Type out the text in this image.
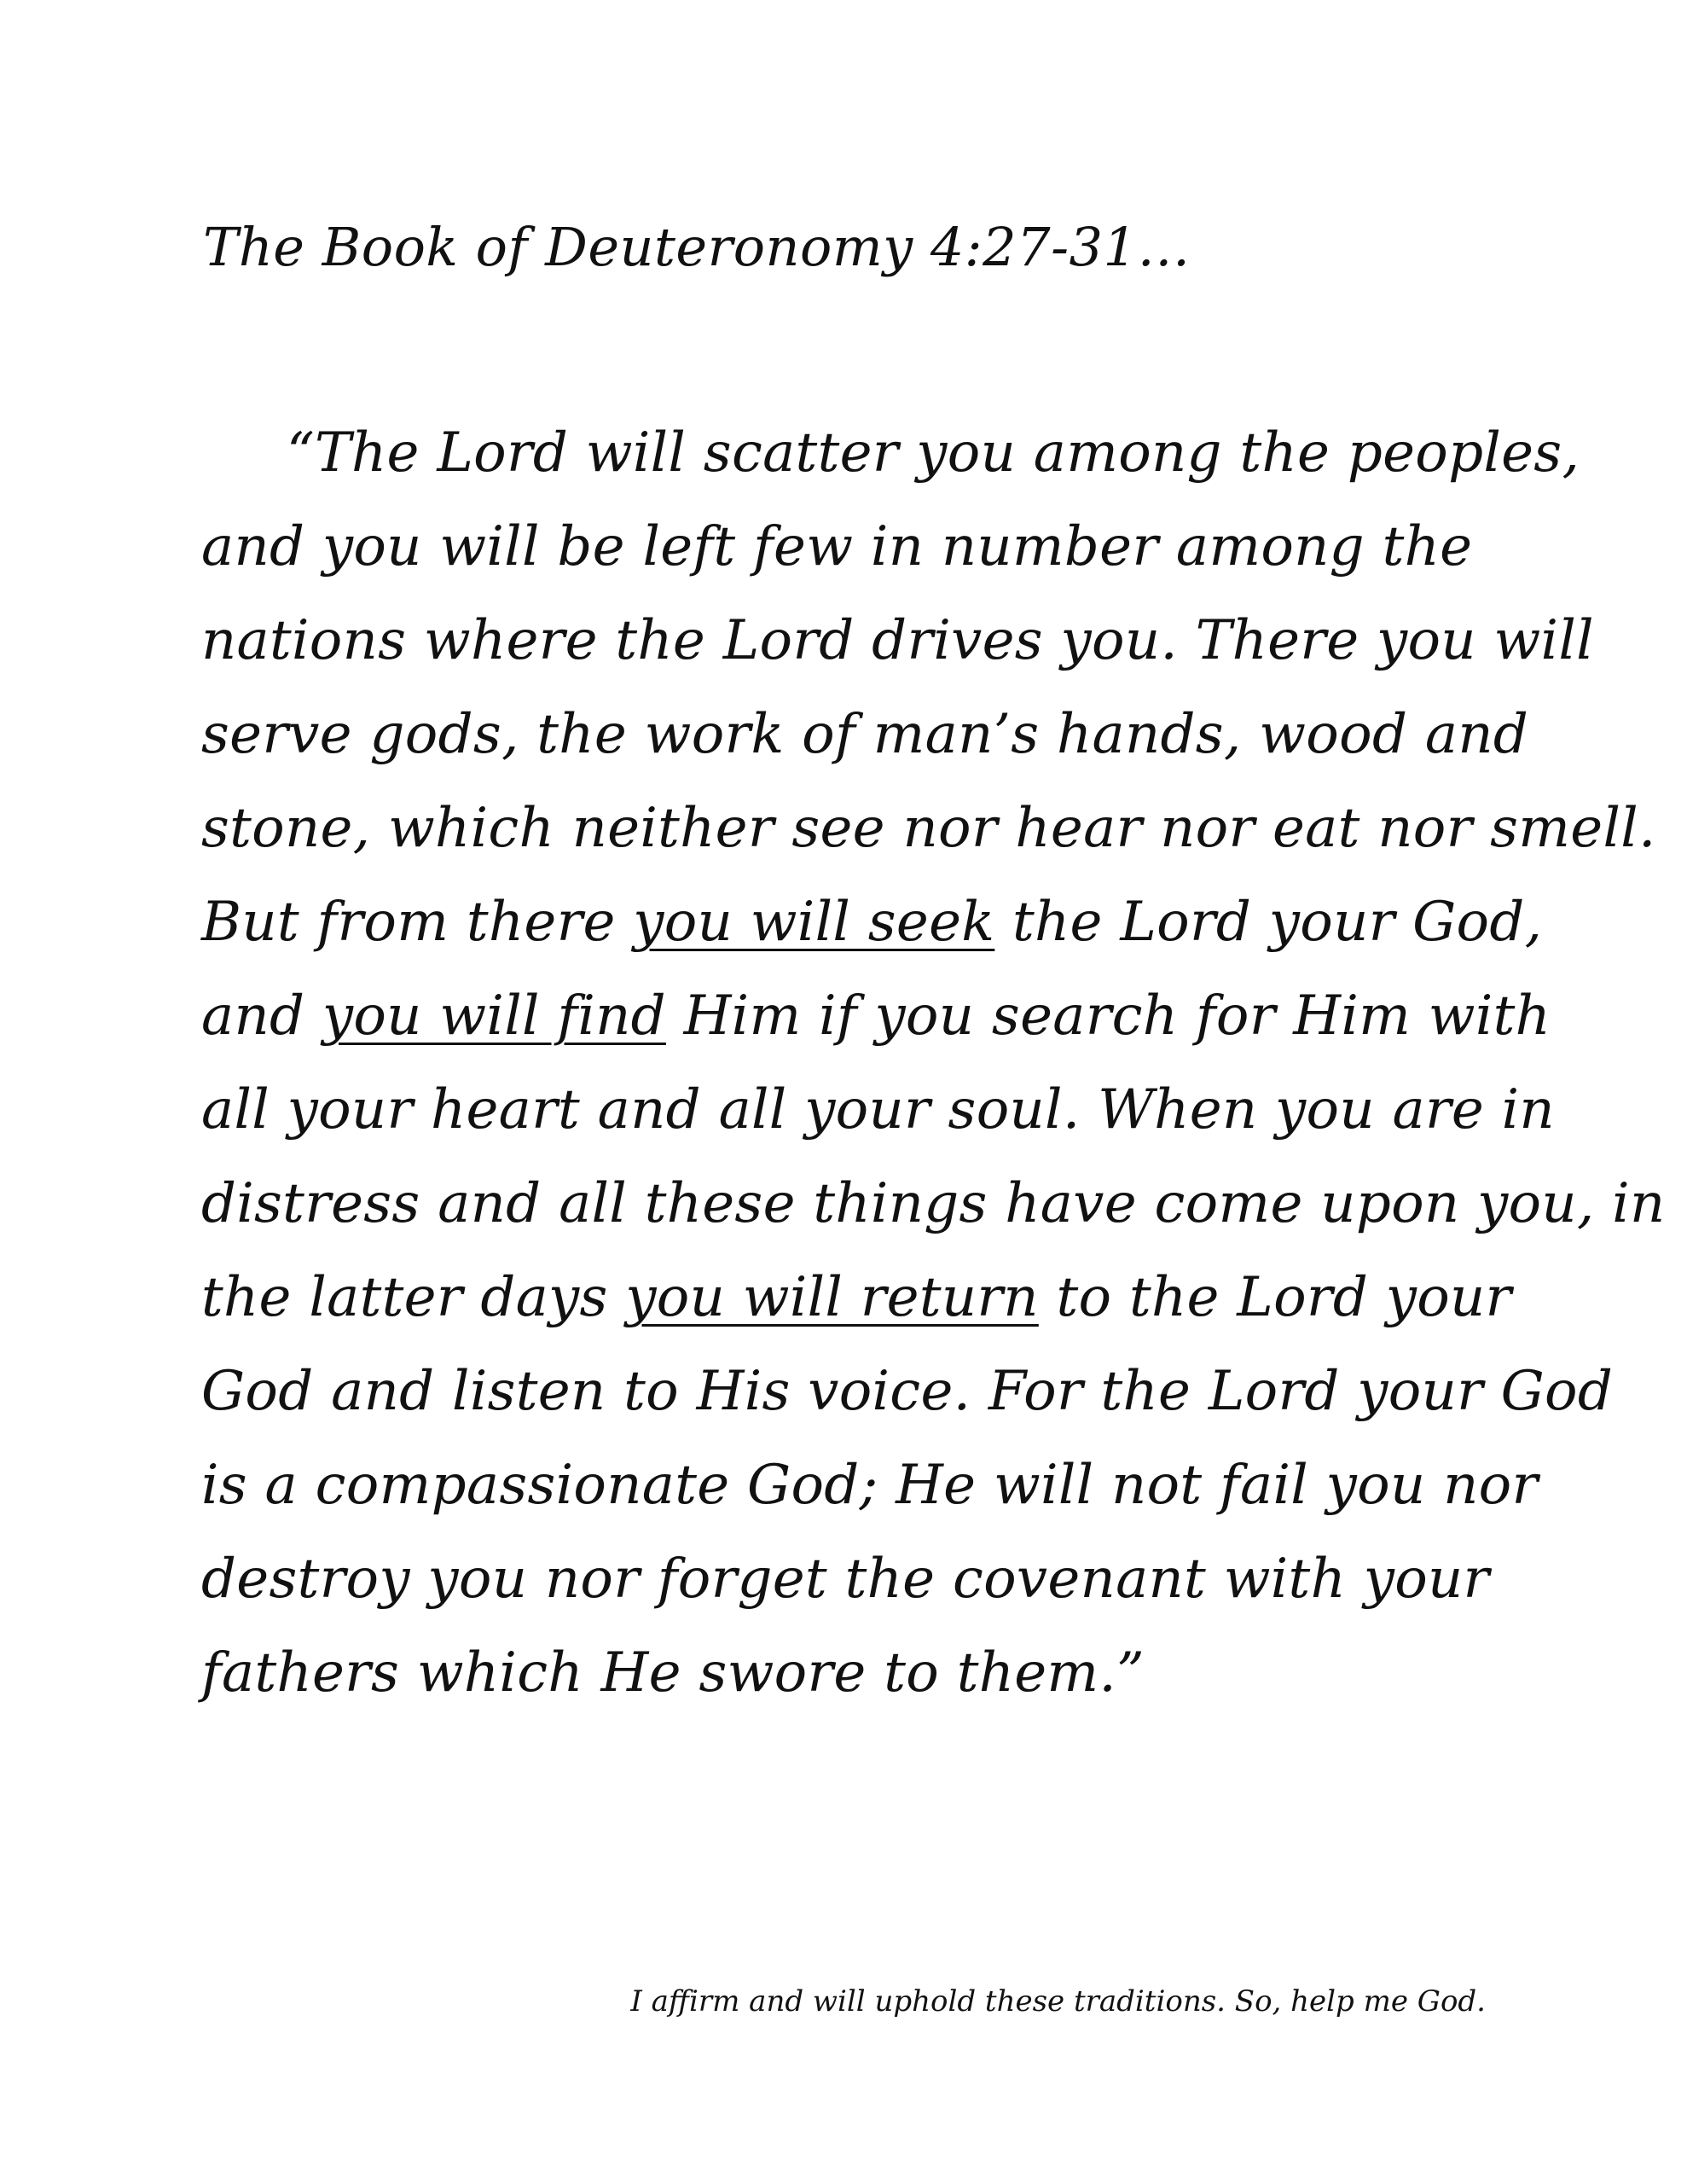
The Book of Deuteronomy 4:27-31…
“The Lord will scatter you among the peoples,
and you will be left few in number among the
nations where the Lord drives you. There you will
serve gods, the work of man’s hands, wood and
stone, which neither see nor hear nor eat nor smell.
But from there you will seek the Lord your God,
and you will find Him if you search for Him with
all your heart and all your soul. When you are in
distress and all these things have come upon you, in
the latter days you will return to the Lord your
God and listen to His voice. For the Lord your God
is a compassionate God; He will not fail you nor
destroy you nor forget the covenant with your
fathers which He swore to them.”
I affirm and will uphold these traditions. So, help me God.
